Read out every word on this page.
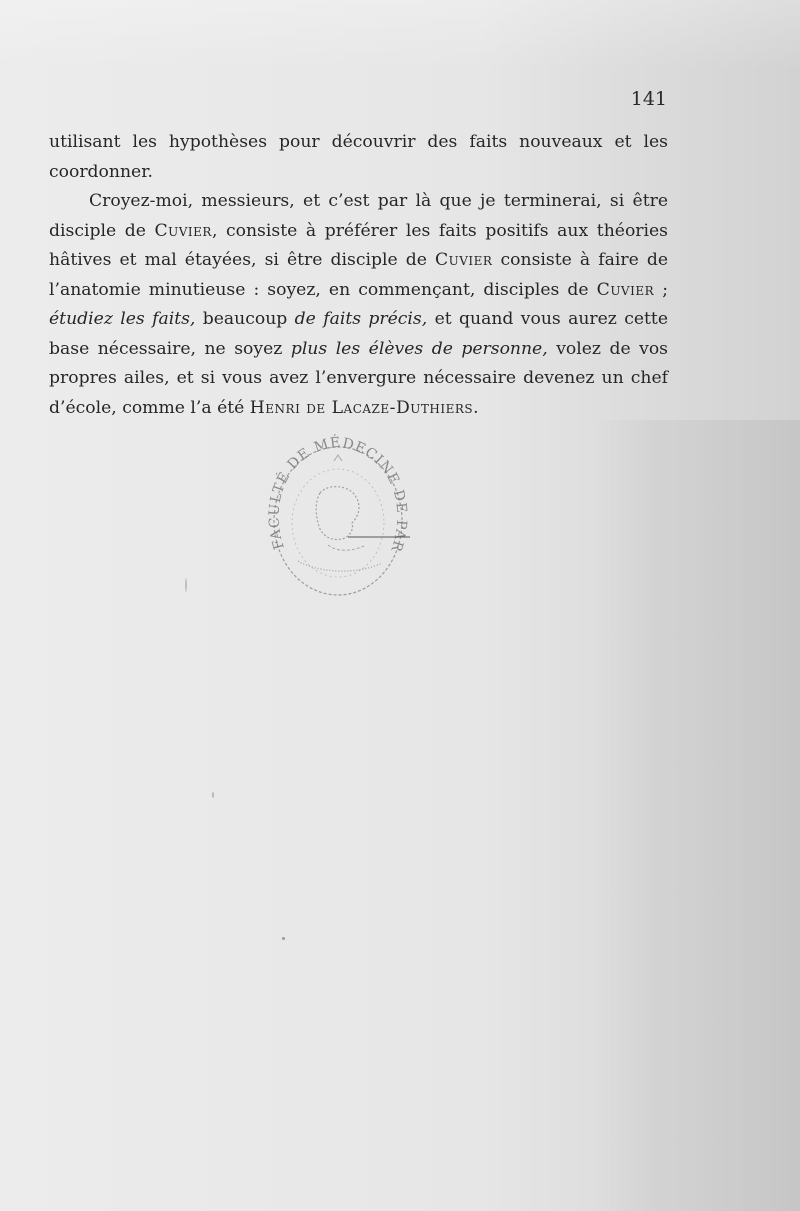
141

utilisant les hypothèses pour découvrir des faits nouveaux et les coordonner.

Croyez-moi, messieurs, et c’est par là que je terminerai, si être disciple de Cuvier, consiste à préférer les faits positifs aux théories hâtives et mal étayées, si être disciple de Cuvier consiste à faire de l’anatomie minutieuse : soyez, en commençant, disciples de Cuvier ; étudiez les faits, beaucoup de faits précis, et quand vous aurez cette base nécessaire, ne soyez plus les élèves de personne, volez de vos propres ailes, et si vous avez l’envergure nécessaire devenez un chef d’école, comme l’a été Henri de Lacaze-Duthiers.

FACULTÉ DE MÉDECINE DE PAR
